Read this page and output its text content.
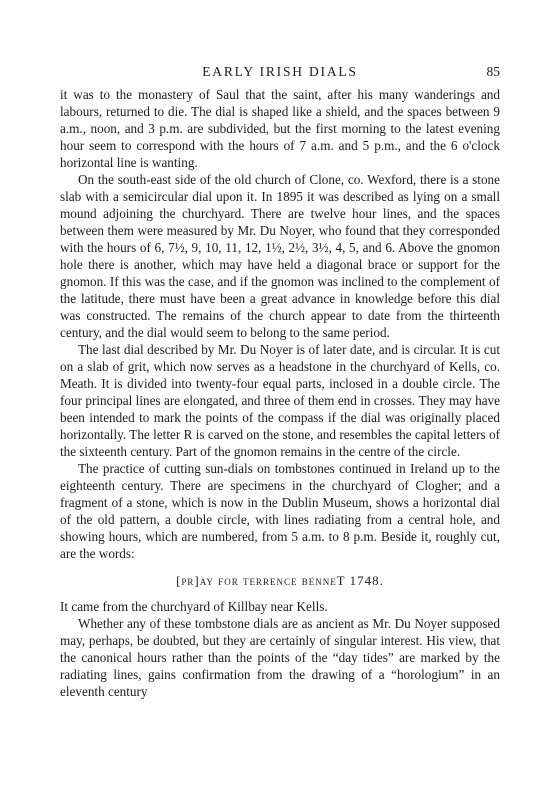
EARLY IRISH DIALS	85

it was to the monastery of Saul that the saint, after his many wanderings and labours, returned to die. The dial is shaped like a shield, and the spaces between 9 a.m., noon, and 3 p.m. are subdivided, but the first morning to the latest evening hour seem to correspond with the hours of 7 a.m. and 5 p.m., and the 6 o'clock horizontal line is wanting.

On the south-east side of the old church of Clone, co. Wexford, there is a stone slab with a semicircular dial upon it. In 1895 it was described as lying on a small mound adjoining the churchyard. There are twelve hour lines, and the spaces between them were measured by Mr. Du Noyer, who found that they corresponded with the hours of 6, 7½, 9, 10, 11, 12, 1½, 2½, 3½, 4, 5, and 6. Above the gnomon hole there is another, which may have held a diagonal brace or support for the gnomon. If this was the case, and if the gnomon was inclined to the complement of the latitude, there must have been a great advance in knowledge before this dial was constructed. The remains of the church appear to date from the thirteenth century, and the dial would seem to belong to the same period.

The last dial described by Mr. Du Noyer is of later date, and is circular. It is cut on a slab of grit, which now serves as a headstone in the churchyard of Kells, co. Meath. It is divided into twenty-four equal parts, inclosed in a double circle. The four principal lines are elongated, and three of them end in crosses. They may have been intended to mark the points of the compass if the dial was originally placed horizontally. The letter R is carved on the stone, and resembles the capital letters of the sixteenth century. Part of the gnomon remains in the centre of the circle.

The practice of cutting sun-dials on tombstones continued in Ireland up to the eighteenth century. There are specimens in the churchyard of Clogher; and a fragment of a stone, which is now in the Dublin Museum, shows a horizontal dial of the old pattern, a double circle, with lines radiating from a central hole, and showing hours, which are numbered, from 5 a.m. to 8 p.m. Beside it, roughly cut, are the words:

[pr]ay for terrence benneT 1748.

It came from the churchyard of Killbay near Kells.

Whether any of these tombstone dials are as ancient as Mr. Du Noyer supposed may, perhaps, be doubted, but they are certainly of singular interest. His view, that the canonical hours rather than the points of the “day tides” are marked by the radiating lines, gains confirmation from the drawing of a “horologium” in an eleventh century
